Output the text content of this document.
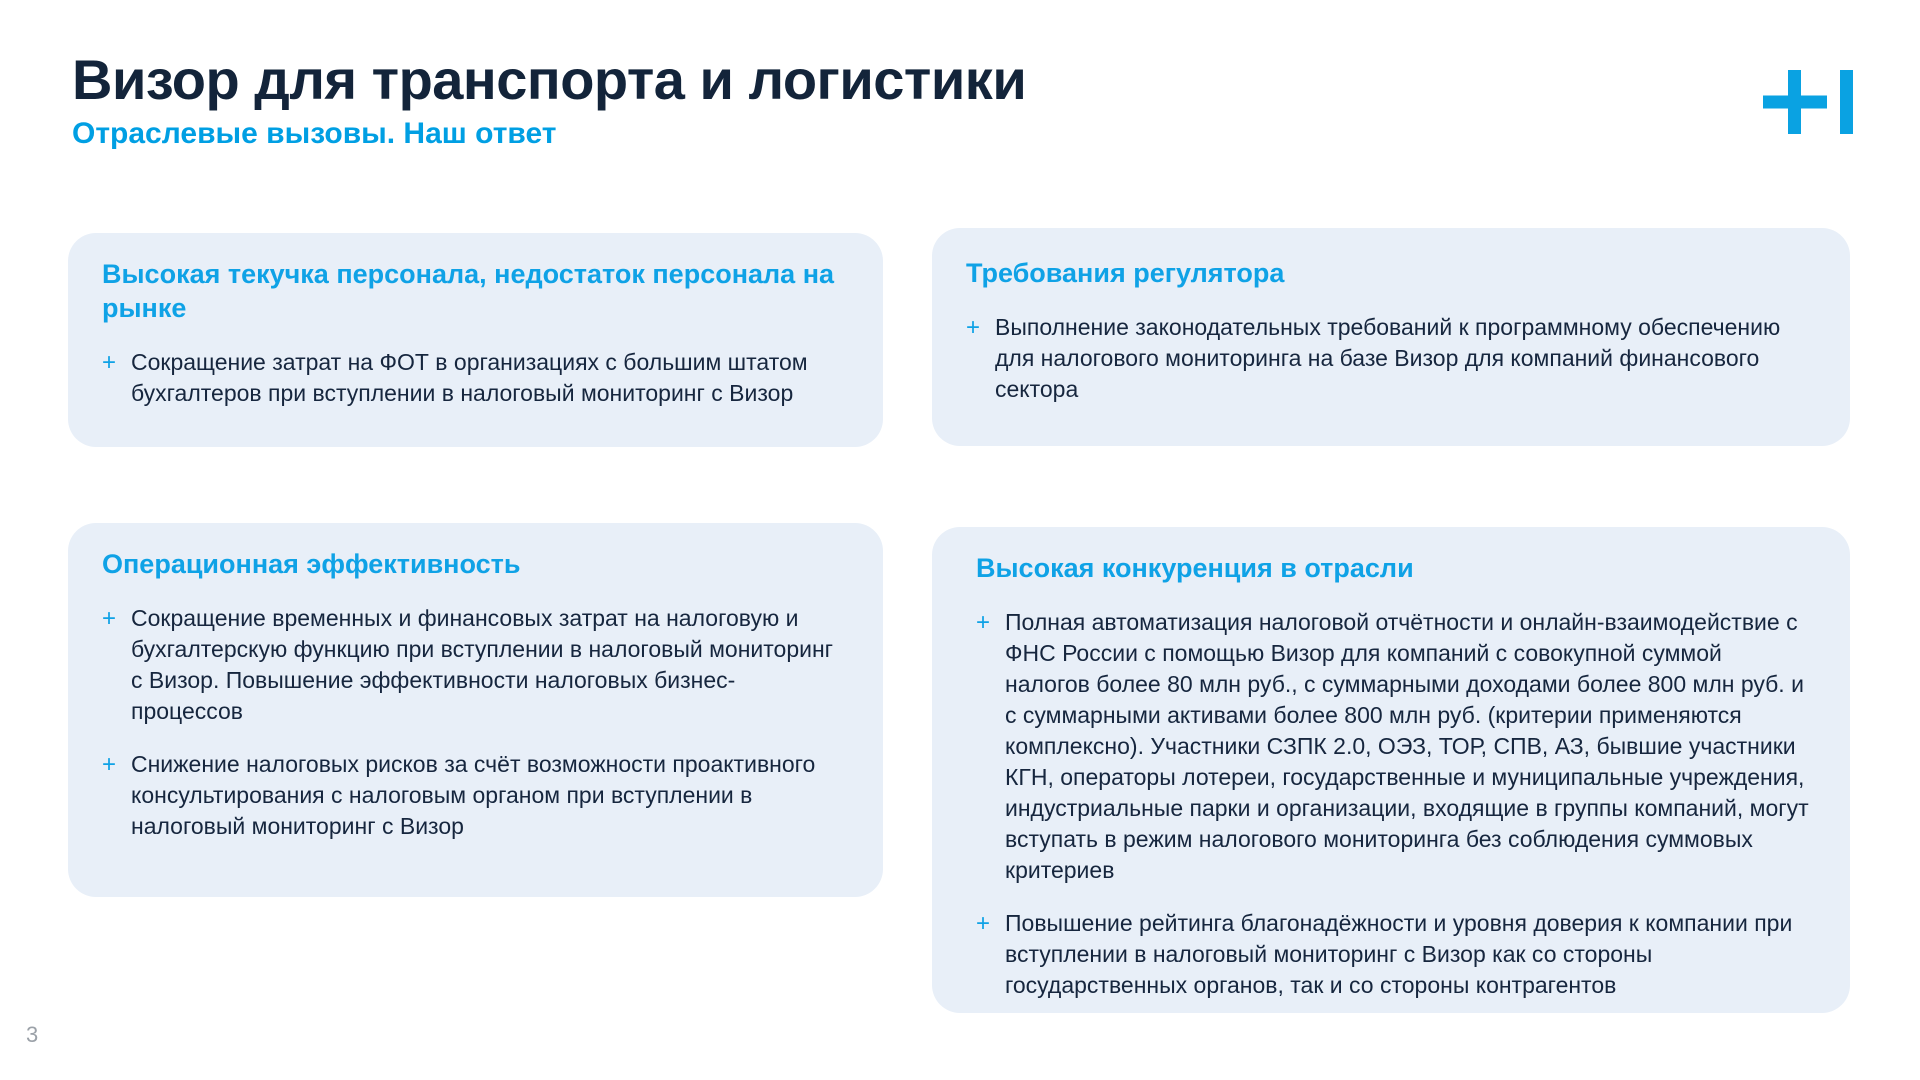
Визор для транспорта и логистики
Отраслевые вызовы. Наш ответ
Высокая текучка персонала, недостаток персонала на рынке
+ Сокращение затрат на ФОТ в организациях с большим штатом бухгалтеров при вступлении в налоговый мониторинг с Визор
Требования регулятора
+ Выполнение законодательных требований к программному обеспечению для налогового мониторинга на базе Визор для компаний финансового сектора
Операционная эффективность
+ Сокращение временных и финансовых затрат на налоговую и бухгалтерскую функцию при вступлении в налоговый мониторинг с Визор. Повышение эффективности налоговых бизнес-процессов
+ Снижение налоговых рисков за счёт возможности проактивного консультирования с налоговым органом при вступлении в налоговый мониторинг с Визор
Высокая конкуренция в отрасли
+ Полная автоматизация налоговой отчётности и онлайн-взаимодействие с ФНС России с помощью Визор для компаний с совокупной суммой налогов более 80 млн руб., с суммарными доходами более 800 млн руб. и с суммарными активами более 800 млн руб. (критерии применяются комплексно). Участники СЗПК 2.0, ОЭЗ, ТОР, СПВ, АЗ, бывшие участники КГН, операторы лотереи, государственные и муниципальные учреждения, индустриальные парки и организации, входящие в группы компаний, могут вступать в режим налогового мониторинга без соблюдения суммовых критериев
+ Повышение рейтинга благонадёжности и уровня доверия к компании при вступлении в налоговый мониторинг с Визор как со стороны государственных органов, так и со стороны контрагентов
3
